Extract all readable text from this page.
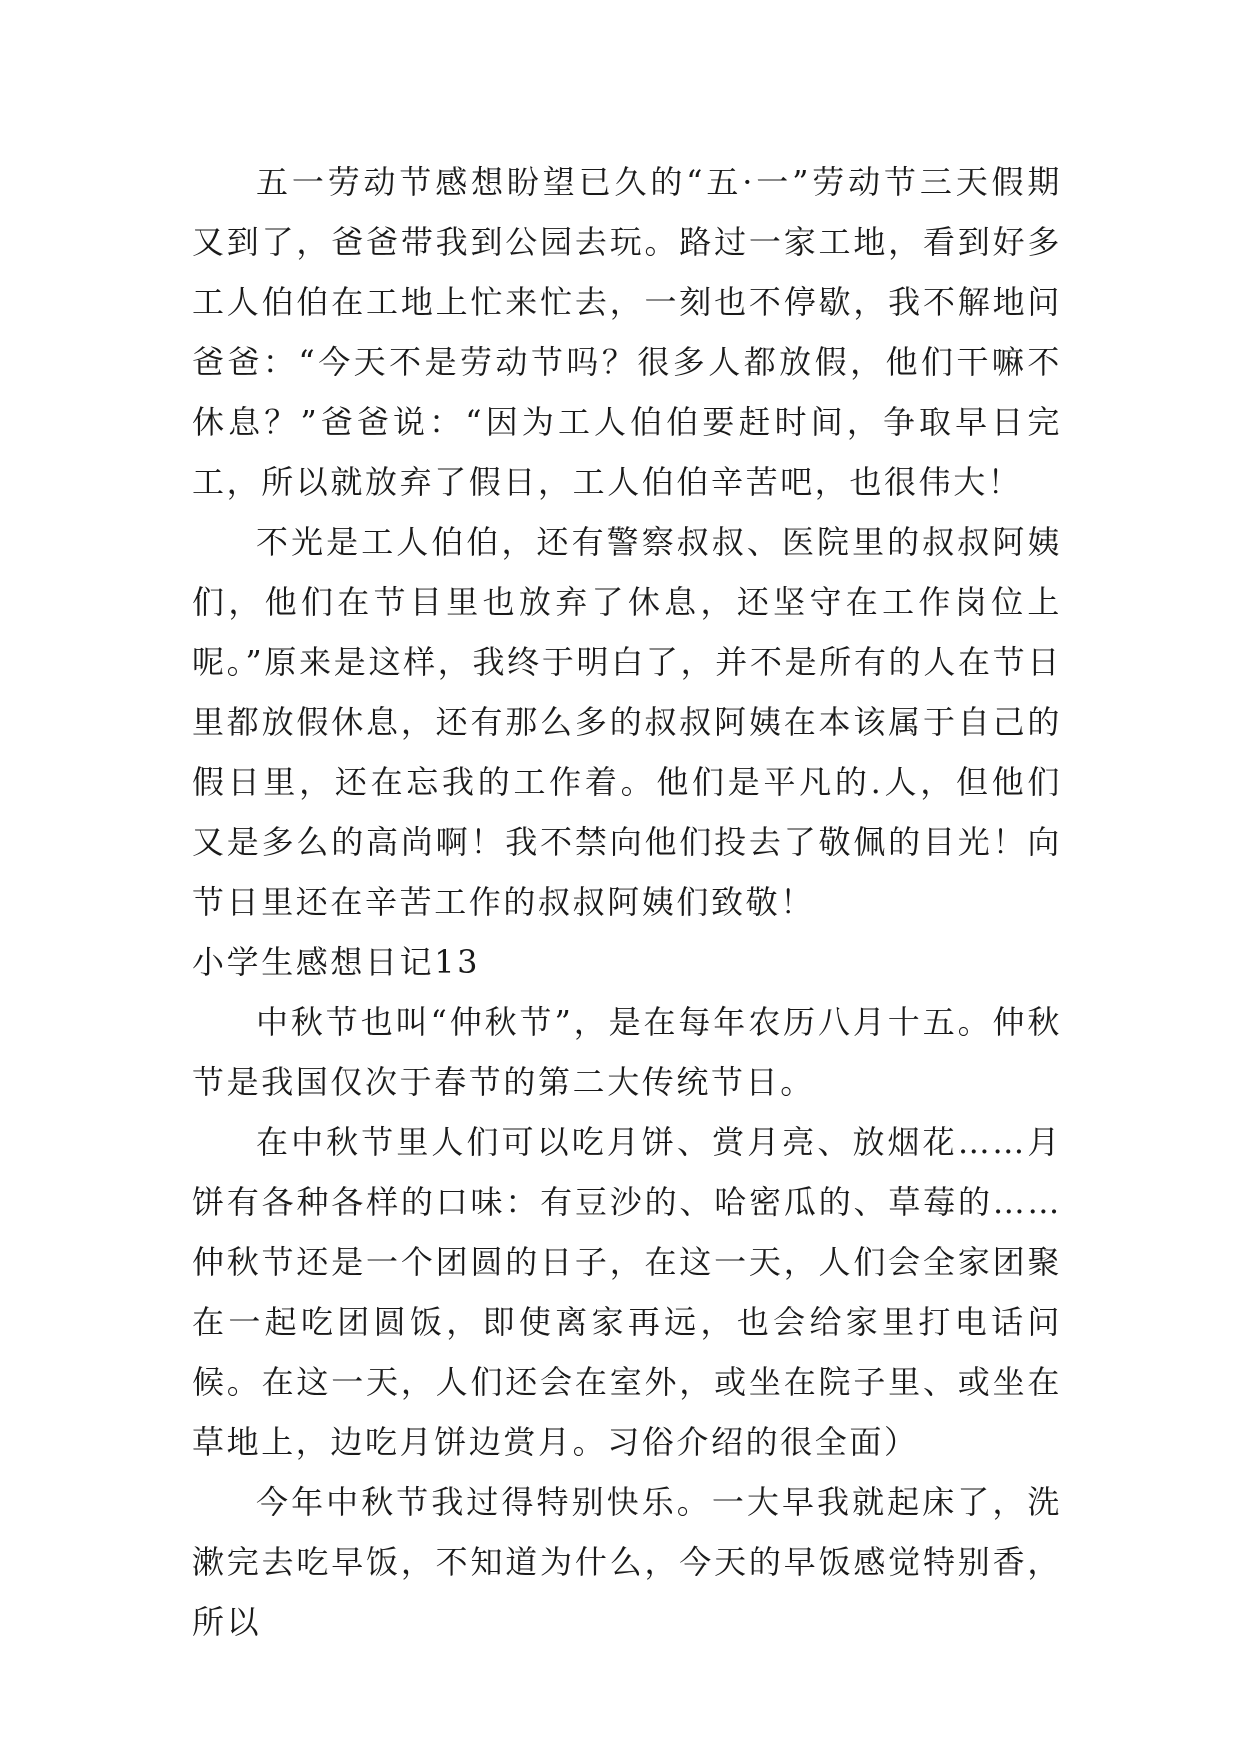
五一劳动节感想盼望已久的“五·一”劳动节三天假期又到了，爸爸带我到公园去玩。路过一家工地，看到好多工人伯伯在工地上忙来忙去，一刻也不停歇，我不解地问爸爸：“今天不是劳动节吗？很多人都放假，他们干嘛不休息？”爸爸说：“因为工人伯伯要赶时间，争取早日完工，所以就放弃了假日，工人伯伯辛苦吧，也很伟大！

不光是工人伯伯，还有警察叔叔、医院里的叔叔阿姨们，他们在节目里也放弃了休息，还坚守在工作岗位上呢。”原来是这样，我终于明白了，并不是所有的人在节日里都放假休息，还有那么多的叔叔阿姨在本该属于自己的假日里，还在忘我的工作着。他们是平凡的.人，但他们又是多么的高尚啊！我不禁向他们投去了敬佩的目光！向节日里还在辛苦工作的叔叔阿姨们致敬！

小学生感想日记13

中秋节也叫“仲秋节”，是在每年农历八月十五。仲秋节是我国仅次于春节的第二大传统节日。

在中秋节里人们可以吃月饼、赏月亮、放烟花……月饼有各种各样的口味：有豆沙的、哈密瓜的、草莓的……仲秋节还是一个团圆的日子，在这一天，人们会全家团聚在一起吃团圆饭，即使离家再远，也会给家里打电话问候。在这一天，人们还会在室外，或坐在院子里、或坐在草地上，边吃月饼边赏月。习俗介绍的很全面）

今年中秋节我过得特别快乐。一大早我就起床了，洗漱完去吃早饭，不知道为什么，今天的早饭感觉特别香，所以
